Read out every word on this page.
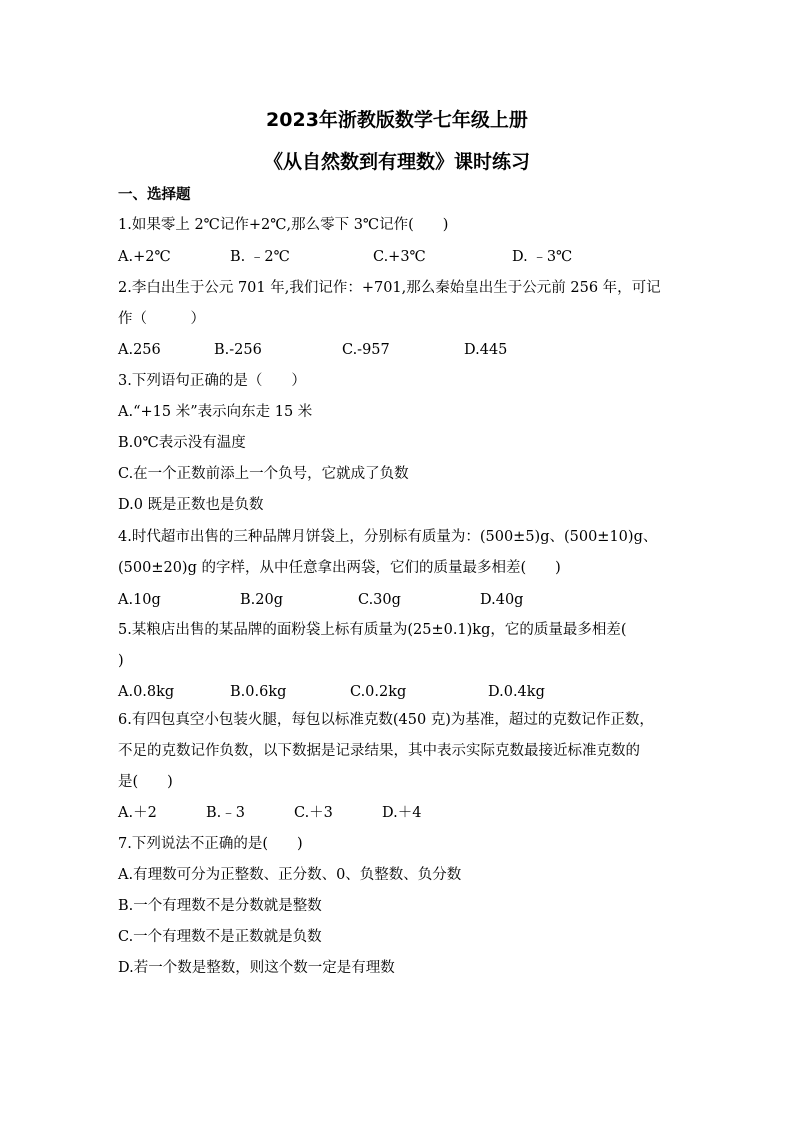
2023年浙教版数学七年级上册
《从自然数到有理数》课时练习
一、选择题
1.如果零上 2℃记作+2℃,那么零下 3℃记作(　　)
A.+2℃	B. ﹣2℃	C.+3℃	D. ﹣3℃
2.李白出生于公元 701 年,我们记作：+701,那么秦始皇出生于公元前 256 年，可记
作（　　　）
A.256	B.-256	C.-957	D.445
3.下列语句正确的是（　　）
A.“+15 米”表示向东走 15 米
B.0℃表示没有温度
C.在一个正数前添上一个负号，它就成了负数
D.0 既是正数也是负数
4.时代超市出售的三种品牌月饼袋上，分别标有质量为：(500±5)g、(500±10)g、
(500±20)g 的字样，从中任意拿出两袋，它们的质量最多相差(　　)
A.10g	B.20g	C.30g	D.40g
5.某粮店出售的某品牌的面粉袋上标有质量为(25±0.1)kg，它的质量最多相差(
)
A.0.8kg	B.0.6kg	C.0.2kg	D.0.4kg
6.有四包真空小包装火腿，每包以标准克数(450 克)为基准，超过的克数记作正数，
不足的克数记作负数，以下数据是记录结果，其中表示实际克数最接近标准克数的
是(　　)
A.＋2	B.﹣3	C.＋3	D.＋4
7.下列说法不正确的是(　　)
A.有理数可分为正整数、正分数、0、负整数、负分数
B.一个有理数不是分数就是整数
C.一个有理数不是正数就是负数
D.若一个数是整数，则这个数一定是有理数
